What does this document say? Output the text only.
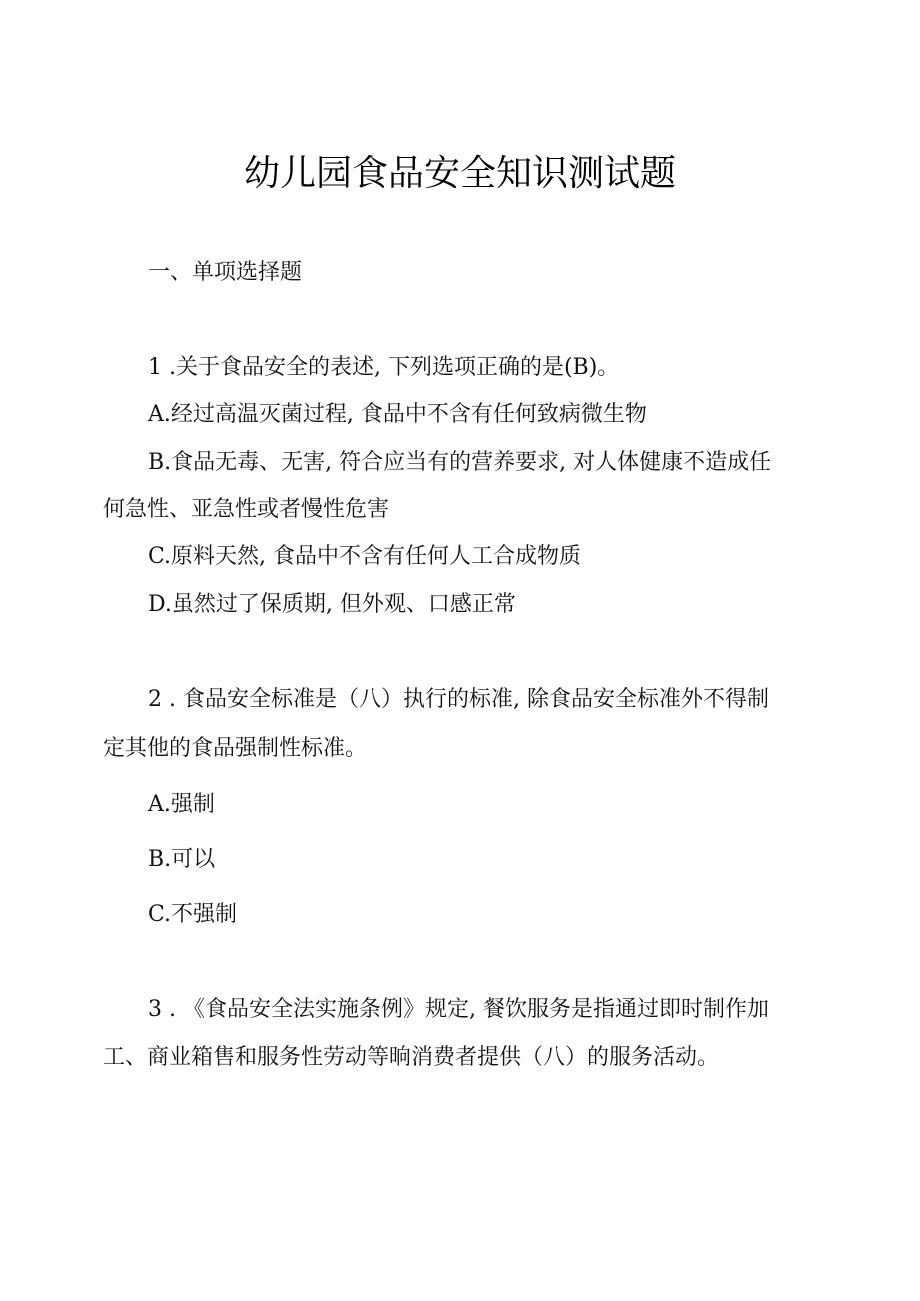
幼儿园食品安全知识测试题
一、单项选择题
1 .关于食品安全的表述, 下列选项正确的是(B)。
A.经过高温灭菌过程, 食品中不含有任何致病微生物
B.食品无毒、无害, 符合应当有的营养要求, 对人体健康不造成任
何急性、亚急性或者慢性危害
C.原料天然, 食品中不含有任何人工合成物质
D.虽然过了保质期, 但外观、口感正常
2 . 食品安全标准是（八）执行的标准, 除食品安全标准外不得制
定其他的食品强制性标准。
A.强制
B.可以
C.不强制
3 . 《食品安全法实施条例》规定, 餐饮服务是指通过即时制作加
工、商业箱售和服务性劳动等晌消费者提供（八）的服务活动。
